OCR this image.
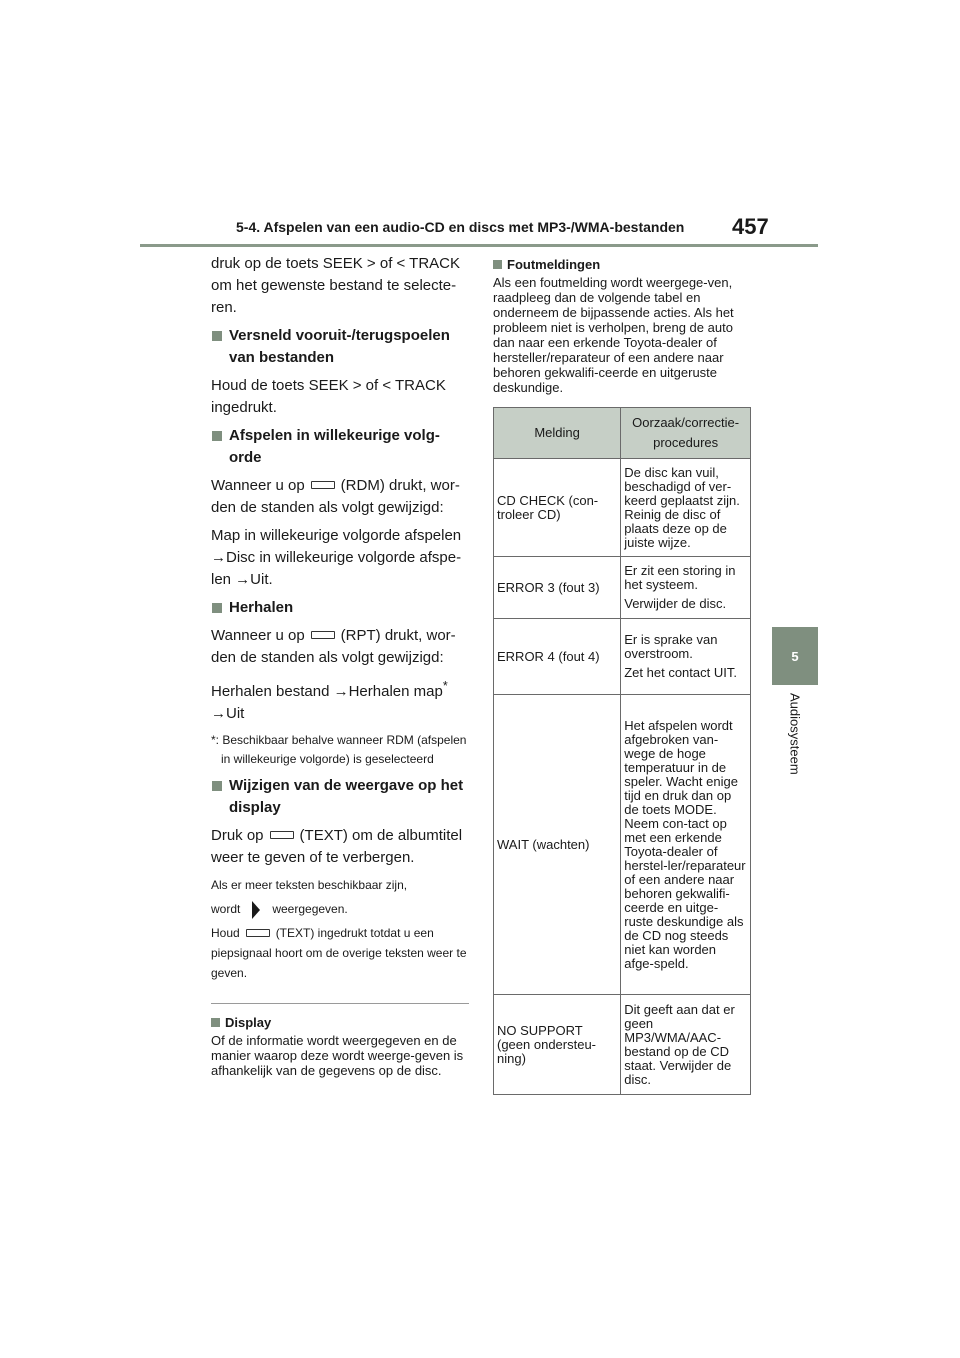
5-4. Afspelen van een audio-CD en discs met MP3-/WMA-bestanden 457
5
Audiosysteem

druk op de toets SEEK > of < TRACK om het gewenste bestand te selecte-ren.

Versneld vooruit-/terugspoelen van bestanden

Houd de toets SEEK > of < TRACK ingedrukt.

Afspelen in willekeurige volg-orde

Wanneer u op (RDM) drukt, wor-den de standen als volgt gewijzigd:

Map in willekeurige volgorde afspelen →Disc in willekeurige volgorde afspe-len →Uit.

Herhalen

Wanneer u op (RPT) drukt, wor-den de standen als volgt gewijzigd:

Herhalen bestand →Herhalen map*

→Uit

*: Beschikbaar behalve wanneer RDM (afspelen in willekeurige volgorde) is geselecteerd

Wijzigen van de weergave op het display

Druk op (TEXT) om de albumtitel weer te geven of te verbergen.

Als er meer teksten beschikbaar zijn,

wordt	weergegeven.

Houd	(TEXT) ingedrukt totdat u een piepsignaal hoort om de overige teksten weer te geven.

Display

Of de informatie wordt weergegeven en de manier waarop deze wordt weerge-geven is afhankelijk van de gegevens op de disc.

Foutmeldingen

Als een foutmelding wordt weergege-ven, raadpleeg dan de volgende tabel en onderneem de bijpassende acties. Als het probleem niet is verholpen, breng de auto dan naar een erkende Toyota-dealer of hersteller/reparateur of een andere naar behoren gekwalifi-ceerde en uitgeruste deskundige.

Melding	Oorzaak/correctie-procedures
CD CHECK (con-troleer CD)	De disc kan vuil, beschadigd of ver-keerd geplaatst zijn. Reinig de disc of plaats deze op de juiste wijze.

ERROR 3 (fout 3)	Er zit een storing in het systeem.

Verwijder de disc.

ERROR 4 (fout 4)	Er is sprake van overstroom.

Zet het contact UIT.

WAIT (wachten)	Het afspelen wordt afgebroken van-wege de hoge temperatuur in de speler. Wacht enige tijd en druk dan op de toets MODE. Neem con-tact op met een erkende Toyota-dealer of herstel-ler/reparateur of een andere naar behoren gekwalifi-ceerde en uitge-ruste deskundige als de CD nog steeds niet kan worden afge-speld.

NO SUPPORT (geen ondersteu-ning)	Dit geeft aan dat er geen MP3/WMA/AAC-bestand op de CD staat. Verwijder de disc.
